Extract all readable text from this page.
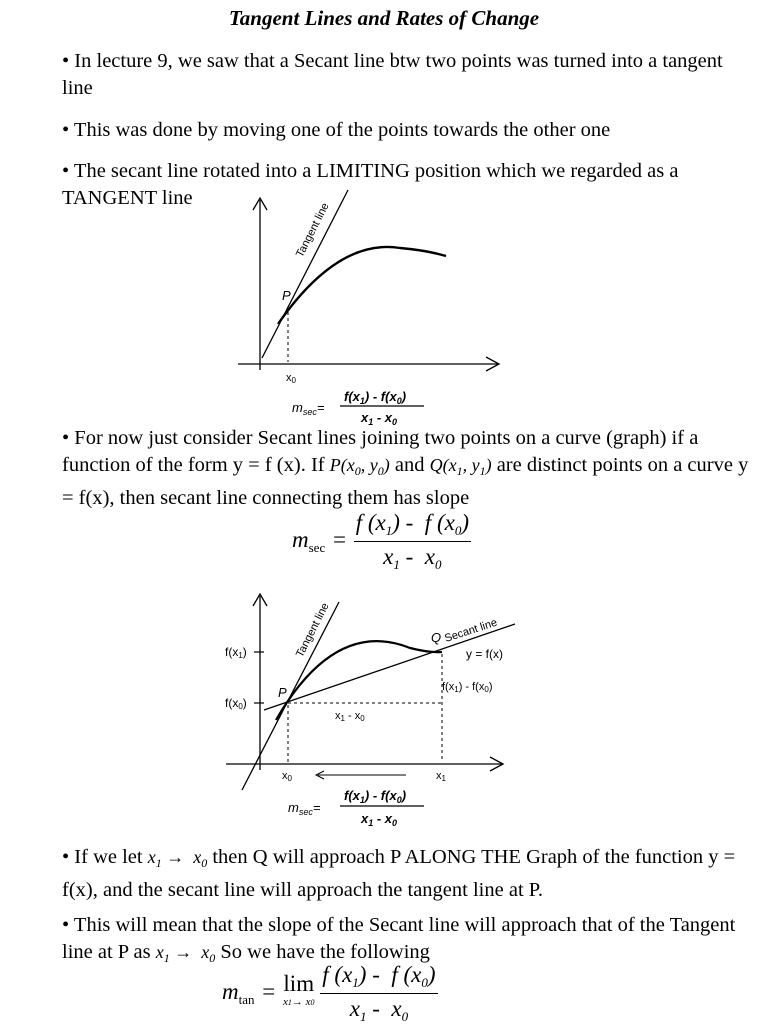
Tangent Lines and Rates of Change
• In lecture 9, we saw that a Secant line btw two points was turned into a tangent line
• This was done by moving one of the points towards the other one
• The secant line rotated into a LIMITING position which we regarded as a
TANGENT line
Tangent line
P
x0
$m_{sec}=$
$f(x_1) - f(x_0)$
$x_1 - x_0$
• For now just consider Secant lines joining two points on a curve (graph) if a function of the form y = f (x). If $P(x_0$, $y_0$) and $Q(x_1$, $y_1$) are distinct points on a curve y = f(x), then secant line connecting them has slope
$m_{sec} = \frac{f (x_1) - f (x_0)}{x_1 - x_0}$
f(x1)
f(x0)
Tangent line	Secant line
Q
P
y = f(x)
f(x1) - f(x0)
x1 - x0
x0	x1
$m_{sec}=$
$f(x_1) - f(x_0)$
$x_1 - x_0$
• If we let $x_1 \to x_0$ then Q will approach P ALONG THE Graph of the function y = f(x), and the secant line will approach the tangent line at P.
• This will mean that the slope of the Secant line will approach that of the Tangent line at P as $x_1 \to x_0$ So we have the following
$m_{tan} = \lim$
x1→ x0
$\frac{f (x_1) - f (x_0)}{x_1 - x_0}$
